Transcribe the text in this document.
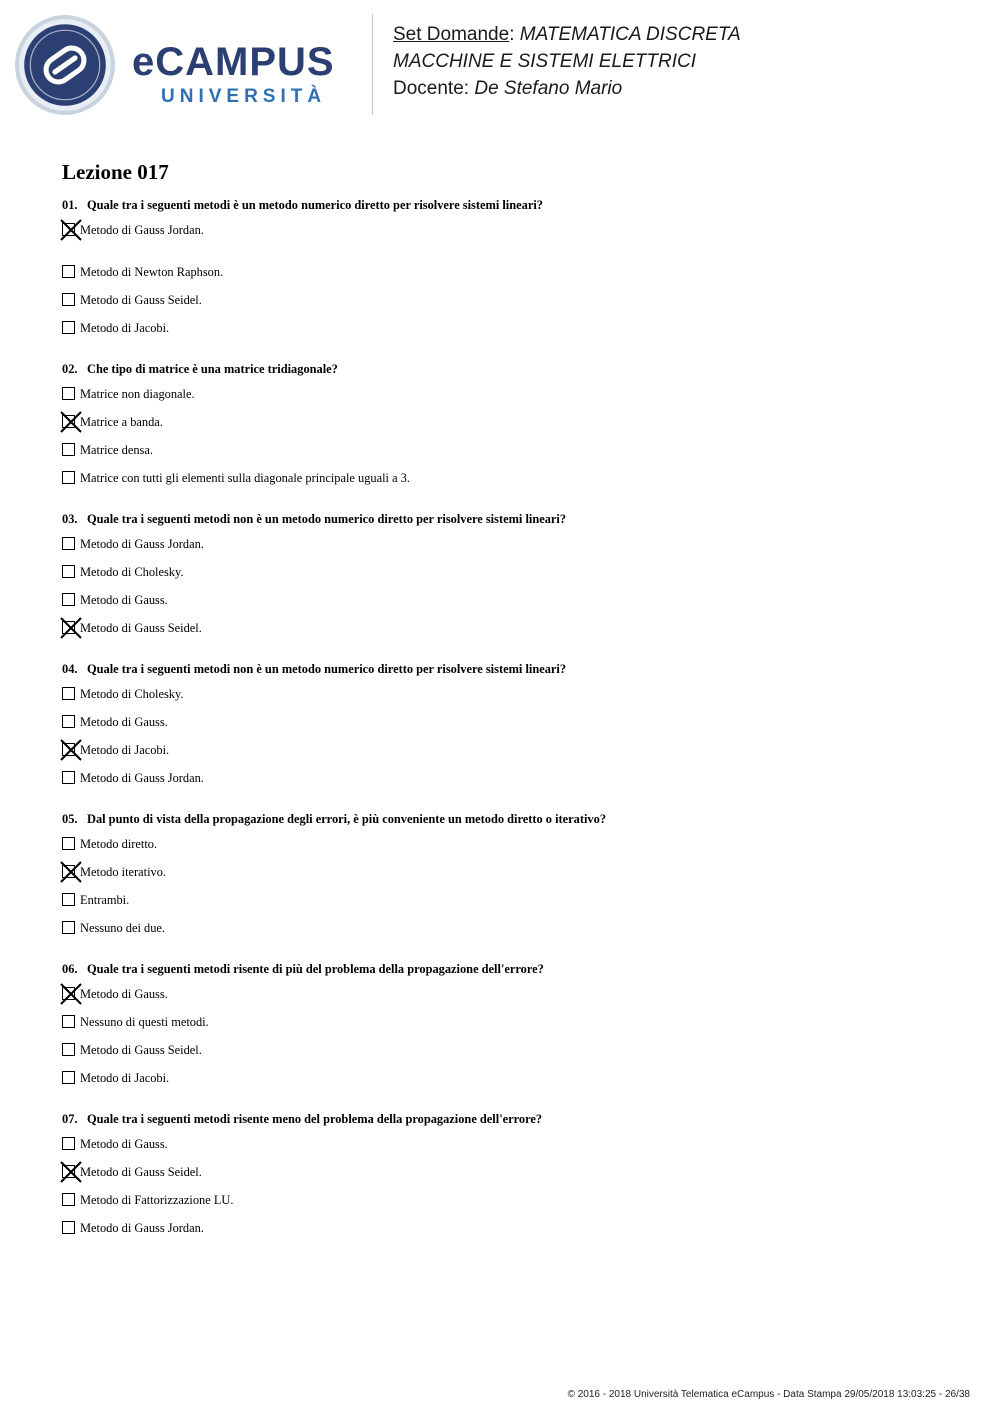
eCAMPUS
UNIVERSITÀ
Set Domande: MATEMATICA DISCRETA
MACCHINE E SISTEMI ELETTRICI
Docente: De Stefano Mario
Lezione 017
01. Quale tra i seguenti metodi è un metodo numerico diretto per risolvere sistemi lineari?
Metodo di Gauss Jordan.
Metodo di Newton Raphson.
Metodo di Gauss Seidel.
Metodo di Jacobi.
02. Che tipo di matrice è una matrice tridiagonale?
Matrice non diagonale.
Matrice a banda.
Matrice densa.
Matrice con tutti gli elementi sulla diagonale principale uguali a 3.
03. Quale tra i seguenti metodi non è un metodo numerico diretto per risolvere sistemi lineari?
Metodo di Gauss Jordan.
Metodo di Cholesky.
Metodo di Gauss.
Metodo di Gauss Seidel.
04. Quale tra i seguenti metodi non è un metodo numerico diretto per risolvere sistemi lineari?
Metodo di Cholesky.
Metodo di Gauss.
Metodo di Jacobi.
Metodo di Gauss Jordan.
05. Dal punto di vista della propagazione degli errori, è più conveniente un metodo diretto o iterativo?
Metodo diretto.
Metodo iterativo.
Entrambi.
Nessuno dei due.
06. Quale tra i seguenti metodi risente di più del problema della propagazione dell'errore?
Metodo di Gauss.
Nessuno di questi metodi.
Metodo di Gauss Seidel.
Metodo di Jacobi.
07. Quale tra i seguenti metodi risente meno del problema della propagazione dell'errore?
Metodo di Gauss.
Metodo di Gauss Seidel.
Metodo di Fattorizzazione LU.
Metodo di Gauss Jordan.
© 2016 - 2018 Università Telematica eCampus - Data Stampa 29/05/2018 13:03:25 - 26/38
